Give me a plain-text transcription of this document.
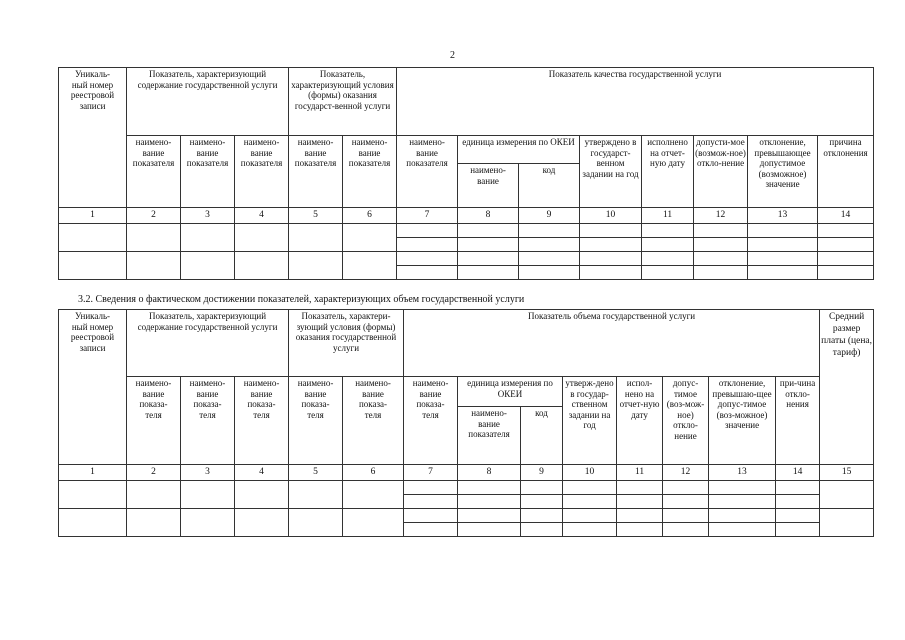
2
Уникаль-
ный номер
реестровой
записи	Показатель, характеризующий содержание государственной услуги			Показатель, характеризующий условия (формы) оказания государст-венной услуги		Показатель качества государственной услуги							
	наимено-
вание
показателя	наимено-
вание
показателя	наимено-
вание
показателя	наимено-
вание
показателя	наимено-
вание
показателя	наимено-
вание
показателя	единица измерения по ОКЕИ		утверждено в государст-венном задании на год	исполнено на отчет-ную дату	допусти-мое (возмож-ное) откло-нение	отклонение, превышающее допустимое (возможное) значение	причина отклонения
							наимено-
вание	код					
1	2	3	4	5	6	7	8	9	10	11	12	13	14

3.2. Сведения о фактическом достижении показателей, характеризующих объем государственной услуги
Уникаль-
ный номер
реестровой
записи	Показатель, характеризующий содержание государственной услуги			Показатель, характери-зующий условия (формы) оказания государственной услуги		Показатель объема государственной услуги								Средний размер платы (цена, тариф)
	наимено-
вание
показа-
теля	наимено-
вание
показа-
теля	наимено-
вание
показа-
теля	наимено-
вание
показа-
теля	наимено-
вание
показа-
теля	наимено-
вание
показа-
теля	единица измерения по ОКЕИ		утверж-дено в государ-ственном задании на год	испол-нено на отчет-ную дату	допус-тимое (воз-мож-ное) откло-нение	отклонение, превышаю-щее допус-тимое (воз-можное) значение	при-чина откло-нения	
							наимено-
вание
показателя	код						
1	2	3	4	5	6	7	8	9	10	11	12	13	14	15
